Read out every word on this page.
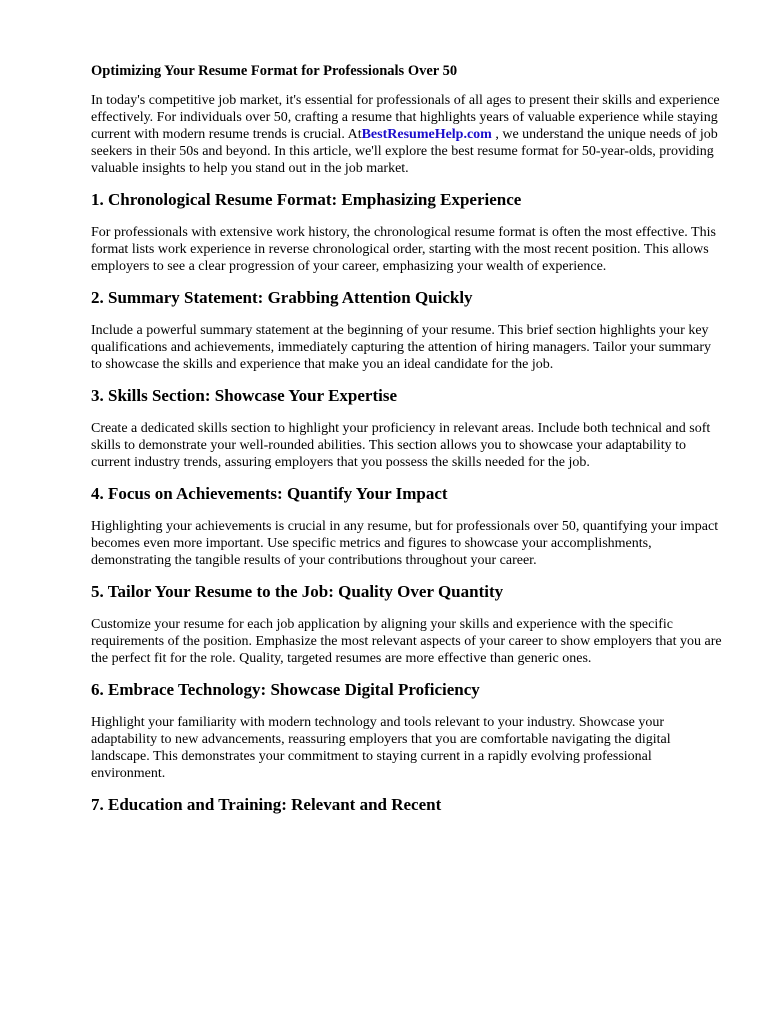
Optimizing Your Resume Format for Professionals Over 50

In today's competitive job market, it's essential for professionals of all ages to present their skills and experience effectively. For individuals over 50, crafting a resume that highlights years of valuable experience while staying current with modern resume trends is crucial. AtBestResumeHelp.com , we understand the unique needs of job seekers in their 50s and beyond. In this article, we'll explore the best resume format for 50-year-olds, providing valuable insights to help you stand out in the job market.

1. Chronological Resume Format: Emphasizing Experience

For professionals with extensive work history, the chronological resume format is often the most effective. This format lists work experience in reverse chronological order, starting with the most recent position. This allows employers to see a clear progression of your career, emphasizing your wealth of experience.

2. Summary Statement: Grabbing Attention Quickly

Include a powerful summary statement at the beginning of your resume. This brief section highlights your key qualifications and achievements, immediately capturing the attention of hiring managers. Tailor your summary to showcase the skills and experience that make you an ideal candidate for the job.

3. Skills Section: Showcase Your Expertise

Create a dedicated skills section to highlight your proficiency in relevant areas. Include both technical and soft skills to demonstrate your well-rounded abilities. This section allows you to showcase your adaptability to current industry trends, assuring employers that you possess the skills needed for the job.

4. Focus on Achievements: Quantify Your Impact

Highlighting your achievements is crucial in any resume, but for professionals over 50, quantifying your impact becomes even more important. Use specific metrics and figures to showcase your accomplishments, demonstrating the tangible results of your contributions throughout your career.

5. Tailor Your Resume to the Job: Quality Over Quantity

Customize your resume for each job application by aligning your skills and experience with the specific requirements of the position. Emphasize the most relevant aspects of your career to show employers that you are the perfect fit for the role. Quality, targeted resumes are more effective than generic ones.

6. Embrace Technology: Showcase Digital Proficiency

Highlight your familiarity with modern technology and tools relevant to your industry. Showcase your adaptability to new advancements, reassuring employers that you are comfortable navigating the digital landscape. This demonstrates your commitment to staying current in a rapidly evolving professional environment.

7. Education and Training: Relevant and Recent
